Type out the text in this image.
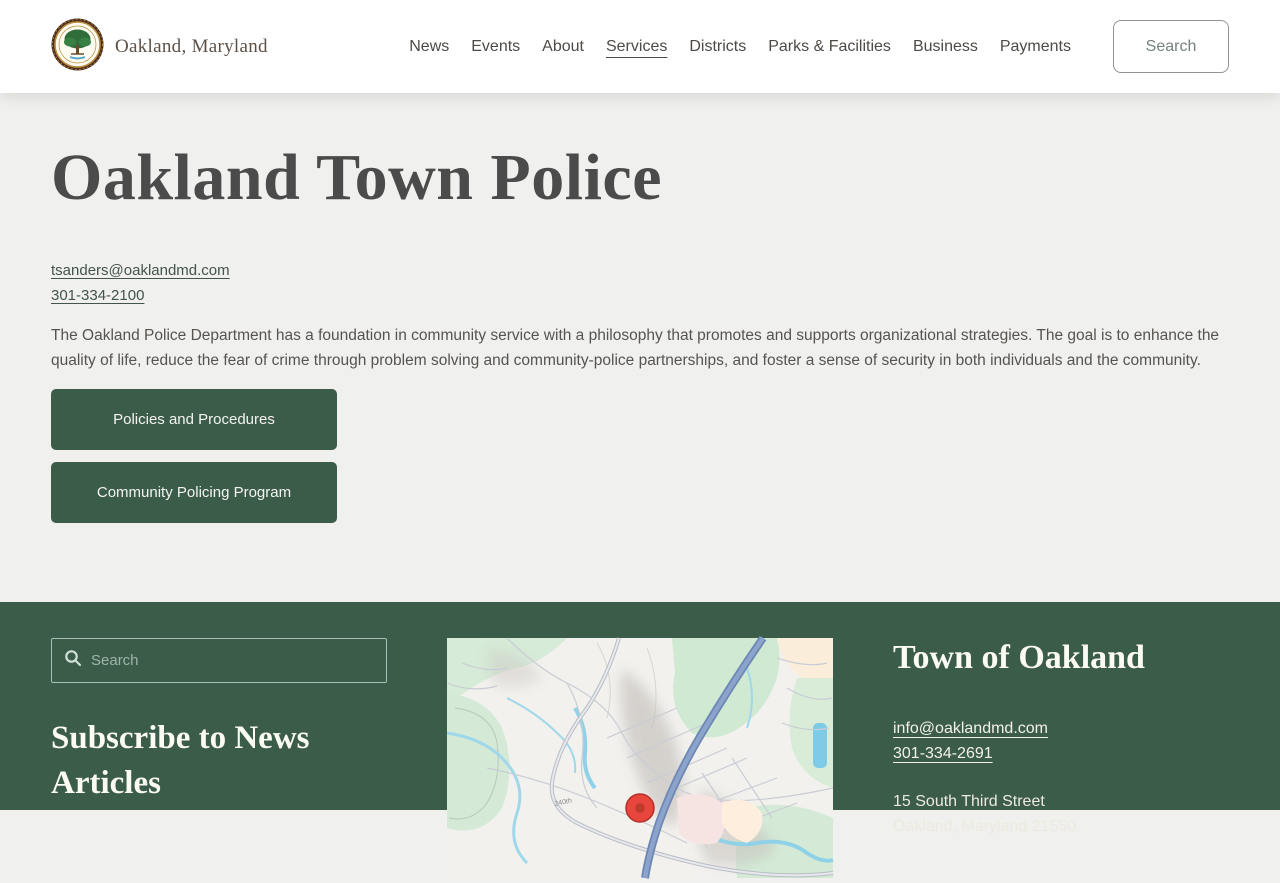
Oakland, Maryland	News Events About Services Districts Parks & Facilities Business Payments	Search
Oakland Town Police
tsanders@oaklandmd.com
301-334-2100

The Oakland Police Department has a foundation in community service with a philosophy that promotes and supports organizational strategies. The goal is to enhance the quality of life, reduce the fear of crime through problem solving and community-police partnerships, and foster a sense of security in both individuals and the community.

Policies and Procedures
Community Policing Program
Search
Subscribe to News Articles
240th
Town of Oakland
info@oaklandmd.com
301-334-2691
15 South Third Street
Oakland, Maryland 21550
